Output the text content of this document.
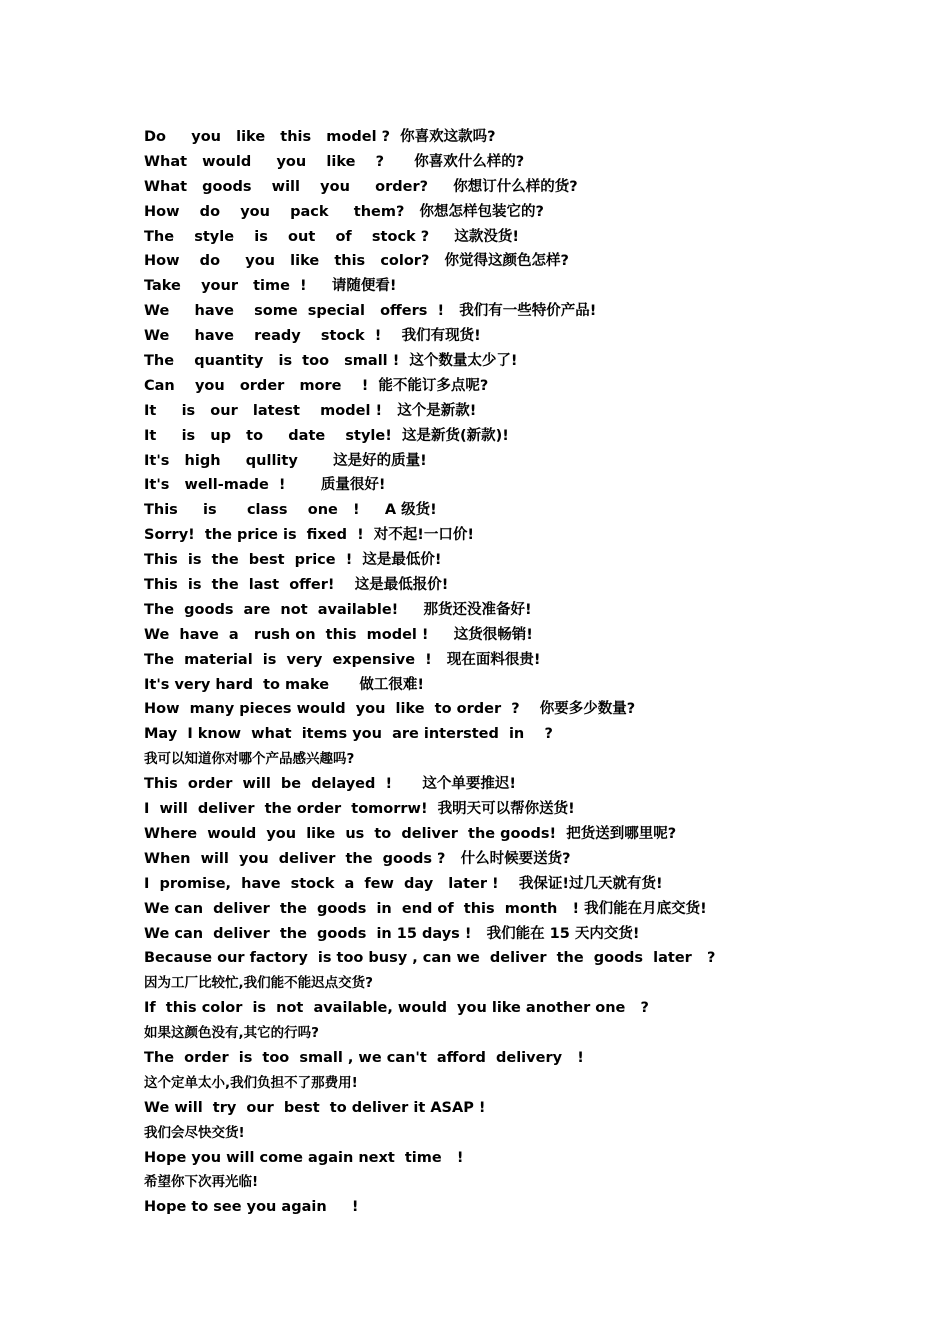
Do     you   like   this   model ?  你喜欢这款吗?
What   would     you    like    ?      你喜欢什么样的?
What   goods    will    you     order?     你想订什么样的货?
How    do    you    pack     them?   你想怎样包装它的?
The    style    is    out    of    stock ?     这款没货!
How    do     you   like   this   color?   你觉得这颜色怎样?
Take    your   time  !     请随便看!
We     have    some  special   offers  !   我们有一些特价产品!
We     have    ready    stock  !    我们有现货!
The    quantity   is  too   small !  这个数量太少了!
Can    you   order   more    !  能不能订多点呢?
It     is   our   latest    model !   这个是新款!
It     is   up   to     date    style!  这是新货(新款)!
It's   high     qullity       这是好的质量!
It's   well-made  !       质量很好!
This     is      class    one   !     A 级货!
Sorry!  the price is  fixed  !  对不起!一口价!
This  is  the  best  price  !  这是最低价!
This  is  the  last  offer!    这是最低报价!
The  goods  are  not  available!     那货还没准备好!
We  have  a   rush on  this  model !     这货很畅销!
The  material  is  very  expensive  !   现在面料很贵!
It's very hard  to make      做工很难!
How  many pieces would  you  like  to order  ?    你要多少数量?
May  I know  what  items you  are intersted  in    ?
我可以知道你对哪个产品感兴趣吗?
This  order  will  be  delayed  !      这个单要推迟!
I  will  deliver  the order  tomorrw!  我明天可以帮你送货!
Where  would  you  like  us  to  deliver  the goods!  把货送到哪里呢?
When  will  you  deliver  the  goods ?   什么时候要送货?
I  promise,  have  stock  a  few  day   later !    我保证!过几天就有货!
We can  deliver  the  goods  in  end of  this  month   ! 我们能在月底交货!
We can  deliver  the  goods  in 15 days !   我们能在 15 天内交货!
Because our factory  is too busy , can we  deliver  the  goods  later   ?
因为工厂比较忙,我们能不能迟点交货?
If  this color  is  not  available, would  you like another one   ?
如果这颜色没有,其它的行吗?
The  order  is  too  small , we can't  afford  delivery   !
这个定单太小,我们负担不了那费用!
We will  try  our  best  to deliver it ASAP !
我们会尽快交货!
Hope you will come again next  time   !
希望你下次再光临!
Hope to see you again     !
